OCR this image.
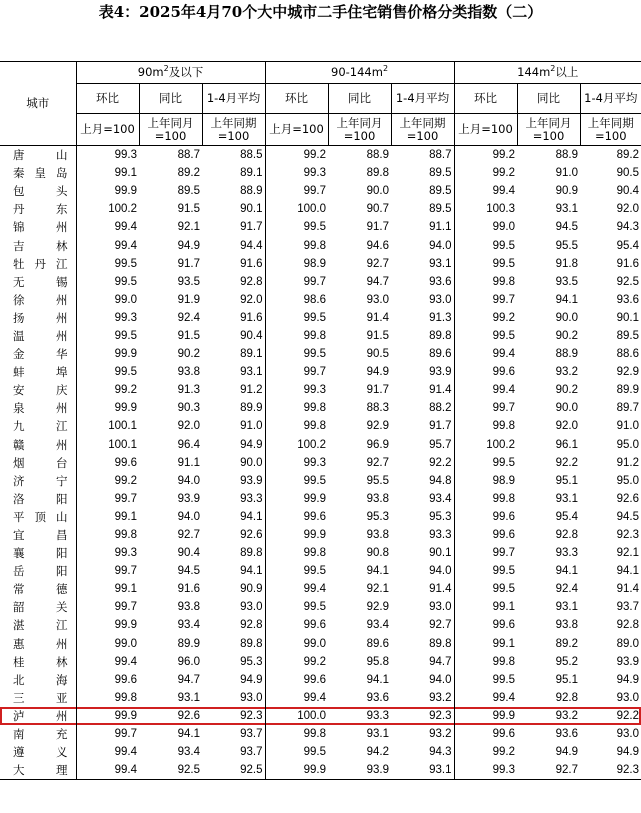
表4：2025年4月70个大中城市二手住宅销售价格分类指数（二）
城市	$90m^2$及以下			$90-144m^2$			$144m^2$以上		
	环比	同比	1-4月平均	环比	同比	1-4月平均	环比	同比	1-4月平均
	上月=100	上年同月=100	上年同期=100	上月=100	上年同月=100	上年同期=100	上月=100	上年同月=100	上年同期=100
唐山	99.3	88.7	88.5	99.2	88.9	88.7	99.2	88.9	89.2
秦皇岛	99.1	89.2	89.1	99.3	89.8	89.5	99.2	91.0	90.5
包头	99.9	89.5	88.9	99.7	90.0	89.5	99.4	90.9	90.4
丹东	100.2	91.5	90.1	100.0	90.7	89.5	100.3	93.1	92.0
锦州	99.4	92.1	91.7	99.5	91.7	91.1	99.0	94.5	94.3
吉林	99.4	94.9	94.4	99.8	94.6	94.0	99.5	95.5	95.4
牡丹江	99.5	91.7	91.6	98.9	92.7	93.1	99.5	91.8	91.6
无锡	99.5	93.5	92.8	99.7	94.7	93.6	99.8	93.5	92.5
徐州	99.0	91.9	92.0	98.6	93.0	93.0	99.7	94.1	93.6
扬州	99.3	92.4	91.6	99.5	91.4	91.3	99.2	90.0	90.1
温州	99.5	91.5	90.4	99.8	91.5	89.8	99.5	90.2	89.5
金华	99.9	90.2	89.1	99.5	90.5	89.6	99.4	88.9	88.6
蚌埠	99.5	93.8	93.1	99.7	94.9	93.9	99.6	93.2	92.9
安庆	99.2	91.3	91.2	99.3	91.7	91.4	99.4	90.2	89.9
泉州	99.9	90.3	89.9	99.8	88.3	88.2	99.7	90.0	89.7
九江	100.1	92.0	91.0	99.8	92.9	91.7	99.8	92.0	91.0
赣州	100.1	96.4	94.9	100.2	96.9	95.7	100.2	96.1	95.0
烟台	99.6	91.1	90.0	99.3	92.7	92.2	99.5	92.2	91.2
济宁	99.2	94.0	93.9	99.5	95.5	94.8	98.9	95.1	95.0
洛阳	99.7	93.9	93.3	99.9	93.8	93.4	99.8	93.1	92.6
平顶山	99.1	94.0	94.1	99.6	95.3	95.3	99.6	95.4	94.5
宜昌	99.8	92.7	92.6	99.9	93.8	93.3	99.6	92.8	92.3
襄阳	99.3	90.4	89.8	99.8	90.8	90.1	99.7	93.3	92.1
岳阳	99.7	94.5	94.1	99.5	94.1	94.0	99.5	94.1	94.1
常德	99.1	91.6	90.9	99.4	92.1	91.4	99.5	92.4	91.4
韶关	99.7	93.8	93.0	99.5	92.9	93.0	99.1	93.1	93.7
湛江	99.9	93.4	92.8	99.6	93.4	92.7	99.6	93.8	92.8
惠州	99.0	89.9	89.8	99.0	89.6	89.8	99.1	89.2	89.0
桂林	99.4	96.0	95.3	99.2	95.8	94.7	99.8	95.2	93.9
北海	99.6	94.7	94.9	99.6	94.1	94.0	99.5	95.1	94.9
三亚	99.8	93.1	93.0	99.4	93.6	93.2	99.4	92.8	93.0
泸州	99.9	92.6	92.3	100.0	93.3	92.3	99.9	93.2	92.2
南充	99.7	94.1	93.7	99.8	93.1	93.2	99.6	93.6	93.0
遵义	99.4	93.4	93.7	99.5	94.2	94.3	99.2	94.9	94.9
大理	99.4	92.5	92.5	99.9	93.9	93.1	99.3	92.7	92.3
